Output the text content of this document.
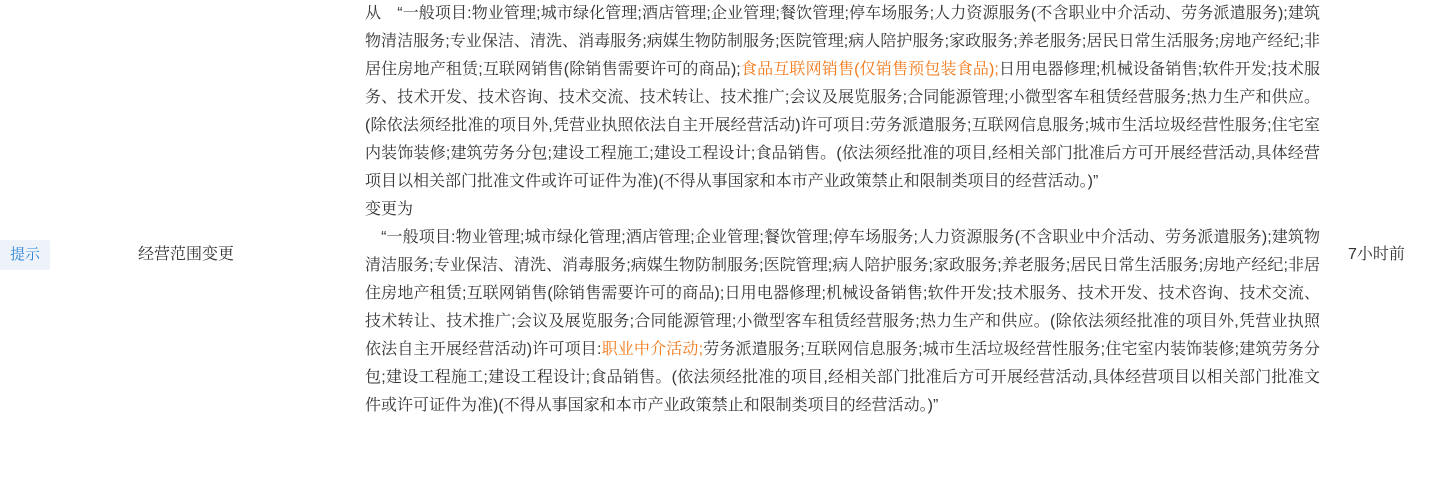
提示	经营范围变更

从　 “一般项目:物业管理;城市绿化管理;酒店管理;企业管理;餐饮管理;停车场服务;人力资源服务(不含职业中介活动、劳务派遣服务);建筑物清洁服务;专业保洁、清洗、消毒服务;病媒生物防制服务;医院管理;病人陪护服务;家政服务;养老服务;居民日常生活服务;房地产经纪;非居住房地产租赁;互联网销售(除销售需要许可的商品);食品互联网销售(仅销售预包装食品);日用电器修理;机械设备销售;软件开发;技术服务、技术开发、技术咨询、技术交流、技术转让、技术推广;会议及展览服务;合同能源管理;小微型客车租赁经营服务;热力生产和供应。(除依法须经批准的项目外,凭营业执照依法自主开展经营活动)许可项目:劳务派遣服务;互联网信息服务;城市生活垃圾经营性服务;住宅室内装饰装修;建筑劳务分包;建设工程施工;建设工程设计;食品销售。(依法须经批准的项目,经相关部门批准后方可开展经营活动,具体经营项目以相关部门批准文件或许可证件为准)(不得从事国家和本市产业政策禁止和限制类项目的经营活动。)”

变更为

　“一般项目:物业管理;城市绿化管理;酒店管理;企业管理;餐饮管理;停车场服务;人力资源服务(不含职业中介活动、劳务派遣服务);建筑物清洁服务;专业保洁、清洗、消毒服务;病媒生物防制服务;医院管理;病人陪护服务;家政服务;养老服务;居民日常生活服务;房地产经纪;非居住房地产租赁;互联网销售(除销售需要许可的商品);日用电器修理;机械设备销售;软件开发;技术服务、技术开发、技术咨询、技术交流、技术转让、技术推广;会议及展览服务;合同能源管理;小微型客车租赁经营服务;热力生产和供应。(除依法须经批准的项目外,凭营业执照依法自主开展经营活动)许可项目:职业中介活动;劳务派遣服务;互联网信息服务;城市生活垃圾经营性服务;住宅室内装饰装修;建筑劳务分包;建设工程施工;建设工程设计;食品销售。(依法须经批准的项目,经相关部门批准后方可开展经营活动,具体经营项目以相关部门批准文件或许可证件为准)(不得从事国家和本市产业政策禁止和限制类项目的经营活动。)”

7小时前
